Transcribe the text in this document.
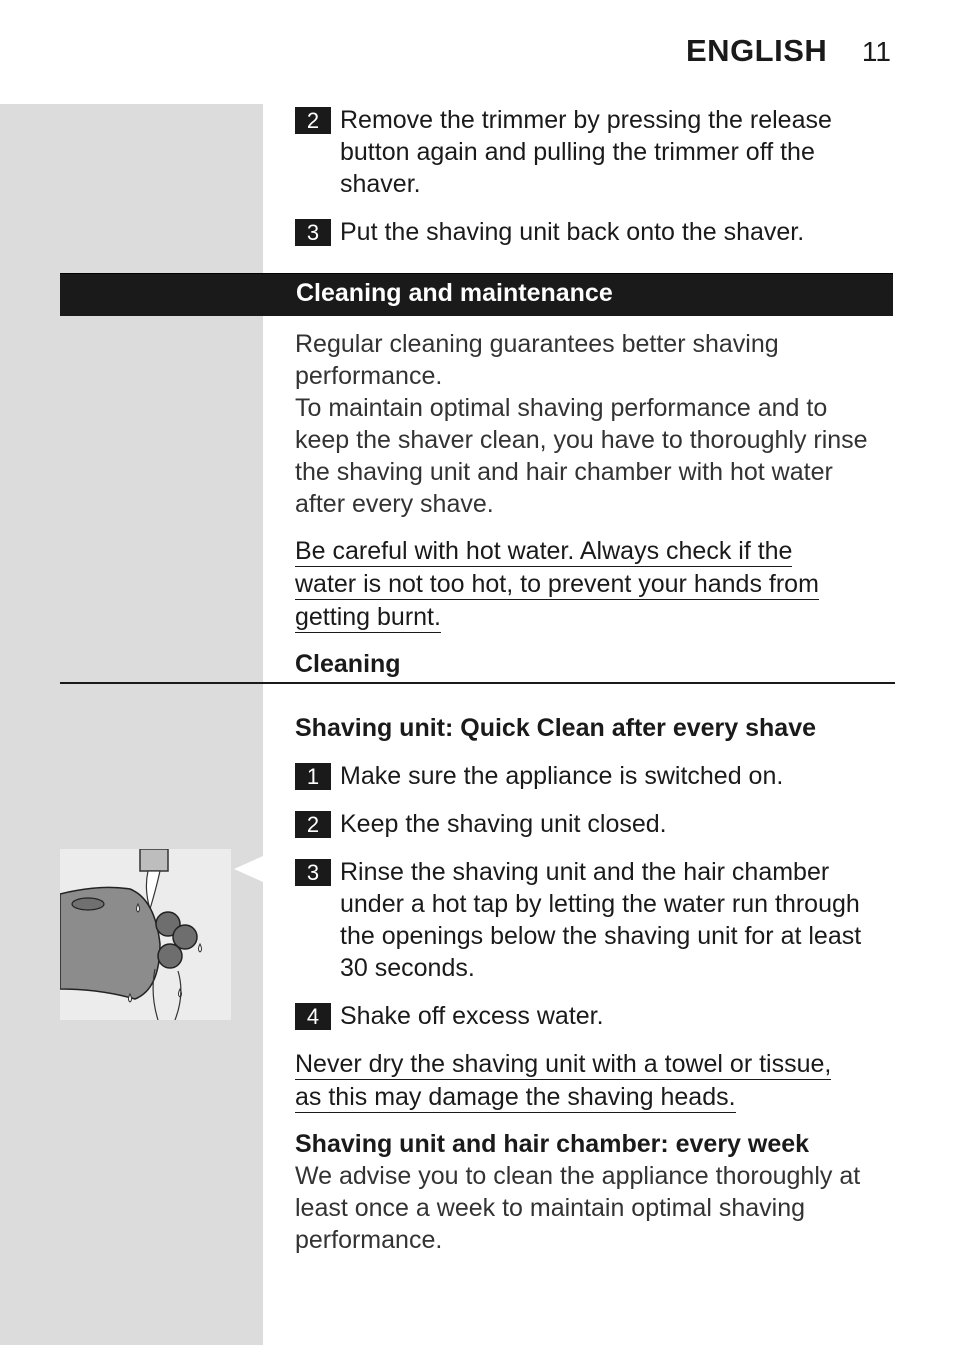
ENGLISH 11
2 Remove the trimmer by pressing the release button again and pulling the trimmer off the shaver.
3 Put the shaving unit back onto the shaver.
Cleaning and maintenance
Regular cleaning guarantees better shaving performance.
To maintain optimal shaving performance and to keep the shaver clean, you have to thoroughly rinse the shaving unit and hair chamber with hot water after every shave.
Be careful with hot water. Always check if the
water is not too hot, to prevent your hands from
getting burnt.
Cleaning
Shaving unit: Quick Clean after every shave
1 Make sure the appliance is switched on.
2 Keep the shaving unit closed.
3 Rinse the shaving unit and the hair chamber under a hot tap by letting the water run through the openings below the shaving unit for at least 30 seconds.
4 Shake off excess water.
Never dry the shaving unit with a towel or tissue,
as this may damage the shaving heads.
Shaving unit and hair chamber: every week
We advise you to clean the appliance thoroughly at least once a week to maintain optimal shaving performance.
